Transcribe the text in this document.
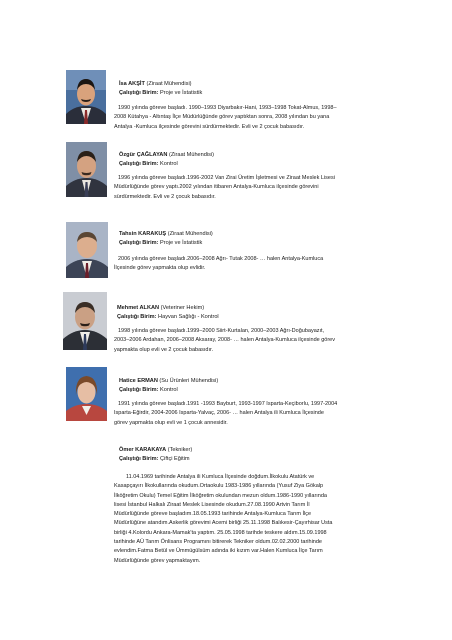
İsa AKŞİT (Ziraat Mühendisi)
Çalıştığı Birim: Proje ve İstatistik
1990 yılında göreve başladı. 1990–1993 Diyarbakır-Hani, 1993–1998 Tokat-Almus, 1998–
2008 Kütahya - Altıntaş İlçe Müdürlüğünde görev yaptıktan sonra, 2008 yılından bu yana
Antalya -Kumluca ilçesinde görevini sürdürmektedir. Evli ve 2 çocuk babasıdır.
Özgür ÇAĞLAYAN (Ziraat Mühendisi)
Çalıştığı Birim: Kontrol
1996 yılında göreve başladı.1996-2002 Van Zirai Üretim İşletmesi ve Ziraat Meslek Lisesi
Müdürlüğünde görev yaptı.2002 yılından itibaren Antalya-Kumluca ilçesinde görevini
sürdürmektedir. Evli ve 2 çocuk babasıdır.
Tahsin KARAKUŞ (Ziraat Mühendisi)
Çalıştığı Birim: Proje ve İstatistik
2006 yılında göreve başladı.2006–2008 Ağrı- Tutak 2008- … halen Antalya-Kumluca
İlçesinde görev yapmakta olup evlidir.
Mehmet ALKAN (Veteriner Hekim)
Çalıştığı Birim: Hayvan Sağlığı - Kontrol
1998 yılında göreve başladı.1999–2000 Siirt-Kurtalan, 2000–2003 Ağrı-Doğubayazıt,
2003–2006 Ardahan, 2006–2008 Aksaray, 2008- … halen Antalya-Kumluca ilçesinde görev
yapmakta olup evli ve 2 çocuk babasıdır.
Hatice ERMAN (Su Ürünleri Mühendisi)
Çalıştığı Birim: Kontrol
1991 yılında göreve başladı.1991 -1993 Bayburt, 1993-1997 Isparta-Keçiborlu, 1997-2004
Isparta-Eğirdir, 2004-2006 Isparta-Yalvaç, 2006- … halen Antalya ili Kumluca İlçesinde
görev yapmakta olup evli ve 1 çocuk annesidir.
Ömer KARAKAYA (Tekniker)
Çalıştığı Birim: Çiftçi Eğitim
11.04.1969 tarihinde Antalya ili Kumluca İlçesinde doğdum.İlkokulu Atatürk ve
Kasapçayırı İlkokullarında okudum.Ortaokulu 1983-1986 yıllarında (Yusuf Ziya Gökalp
İlköğretim Okulu) Temel Eğitim İlköğretim okulundan mezun oldum.1986-1990 yıllarında
lisesi İstanbul Halkalı Ziraat Meslek Lisesinde okudum.27.08.1990 Artvin Tarım İl
Müdürlüğünde göreve başladım.18.05.1993 tarihinde Antalya-Kumluca Tarım İlçe
Müdürlüğüne atandım.Askerlik görevimi Acemi birliği 25.11.1998 Balıkesir-Çayırhisar Usta
birliği 4.Kolordu Ankara-Mamak'ta yaptım. 25.05.1998 tarihde teskere aldım.15.09.1998
tarihinde AÜ Tarım Önlisans Programını bitirerek Tekniker oldum.02.02.2000 tarihinde
evlendim.Fatma Betül ve Ümmügülsüm adında iki kızım var.Halen Kumluca İlçe Tarım
Müdürlüğünde görev yapmaktayım.
